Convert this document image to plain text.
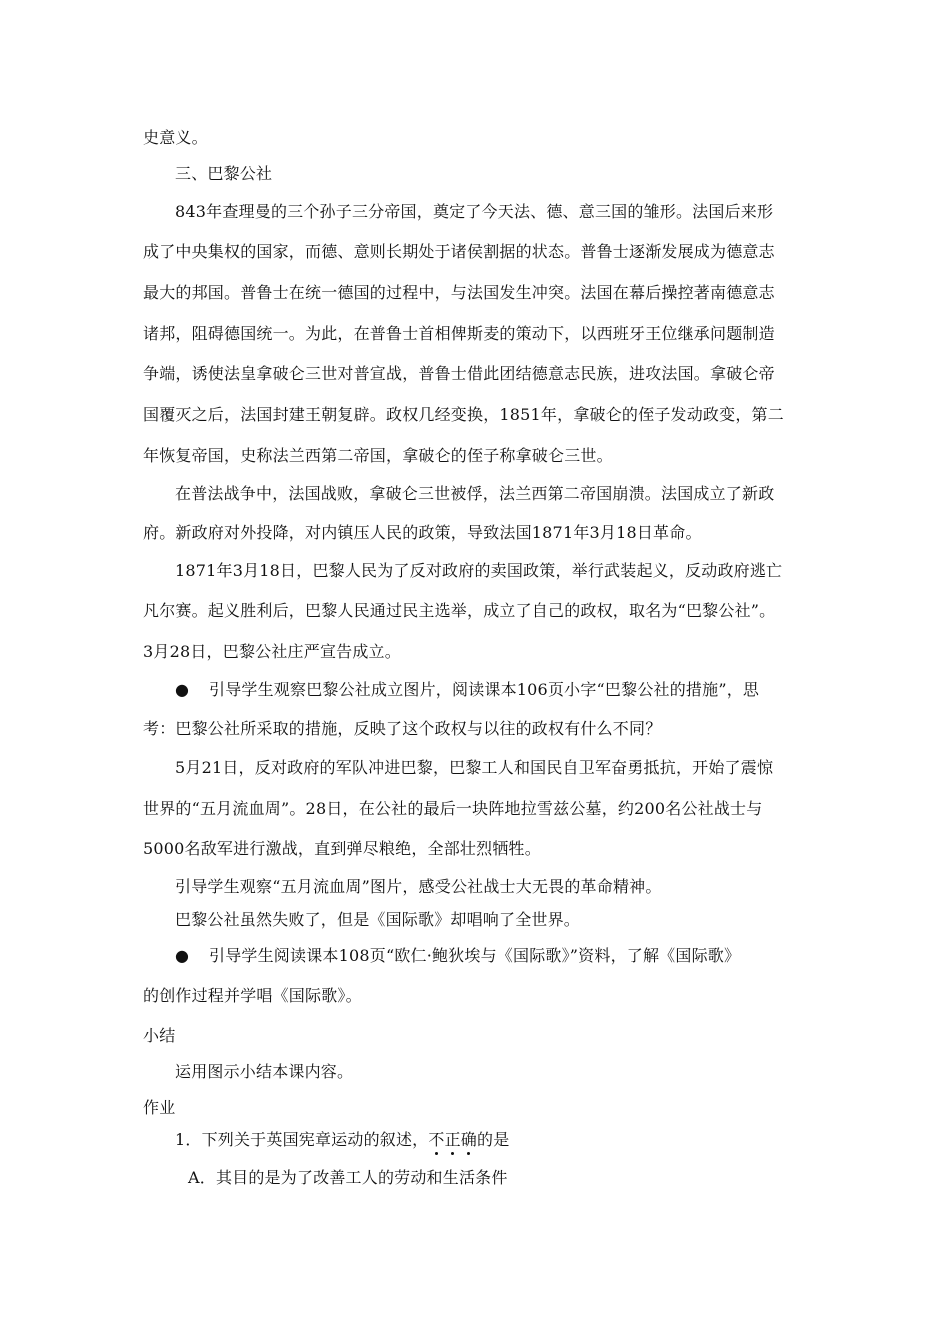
史意义。
三、巴黎公社
843年查理曼的三个孙子三分帝国，奠定了今天法、德、意三国的雏形。法国后来形
成了中央集权的国家，而德、意则长期处于诸侯割据的状态。普鲁士逐渐发展成为德意志
最大的邦国。普鲁士在统一德国的过程中，与法国发生冲突。法国在幕后操控著南德意志
诸邦，阻碍德国统一。为此，在普鲁士首相俾斯麦的策动下，以西班牙王位继承问题制造
争端，诱使法皇拿破仑三世对普宣战，普鲁士借此团结德意志民族，进攻法国。拿破仑帝
国覆灭之后，法国封建王朝复辟。政权几经变换，1851年，拿破仑的侄子发动政变，第二
年恢复帝国，史称法兰西第二帝国，拿破仑的侄子称拿破仑三世。
在普法战争中，法国战败，拿破仑三世被俘，法兰西第二帝国崩溃。法国成立了新政
府。新政府对外投降，对内镇压人民的政策，导致法国1871年3月18日革命。
1871年3月18日，巴黎人民为了反对政府的卖国政策，举行武装起义，反动政府逃亡
凡尔赛。起义胜利后，巴黎人民通过民主选举，成立了自己的政权，取名为“巴黎公社”。
3月28日，巴黎公社庄严宣告成立。
● 引导学生观察巴黎公社成立图片，阅读课本106页小字“巴黎公社的措施”，思
考：巴黎公社所采取的措施，反映了这个政权与以往的政权有什么不同？
5月21日，反对政府的军队冲进巴黎，巴黎工人和国民自卫军奋勇抵抗，开始了震惊
世界的“五月流血周”。28日，在公社的最后一块阵地拉雪兹公墓，约200名公社战士与
5000名敌军进行激战，直到弹尽粮绝，全部壮烈牺牲。
引导学生观察“五月流血周”图片，感受公社战士大无畏的革命精神。
巴黎公社虽然失败了，但是《国际歌》却唱响了全世界。
● 引导学生阅读课本108页“欧仁·鲍狄埃与《国际歌》”资料，了解《国际歌》
的创作过程并学唱《国际歌》。
小结
运用图示小结本课内容。
作业
1．下列关于英国宪章运动的叙述，不正确的是
A．其目的是为了改善工人的劳动和生活条件
